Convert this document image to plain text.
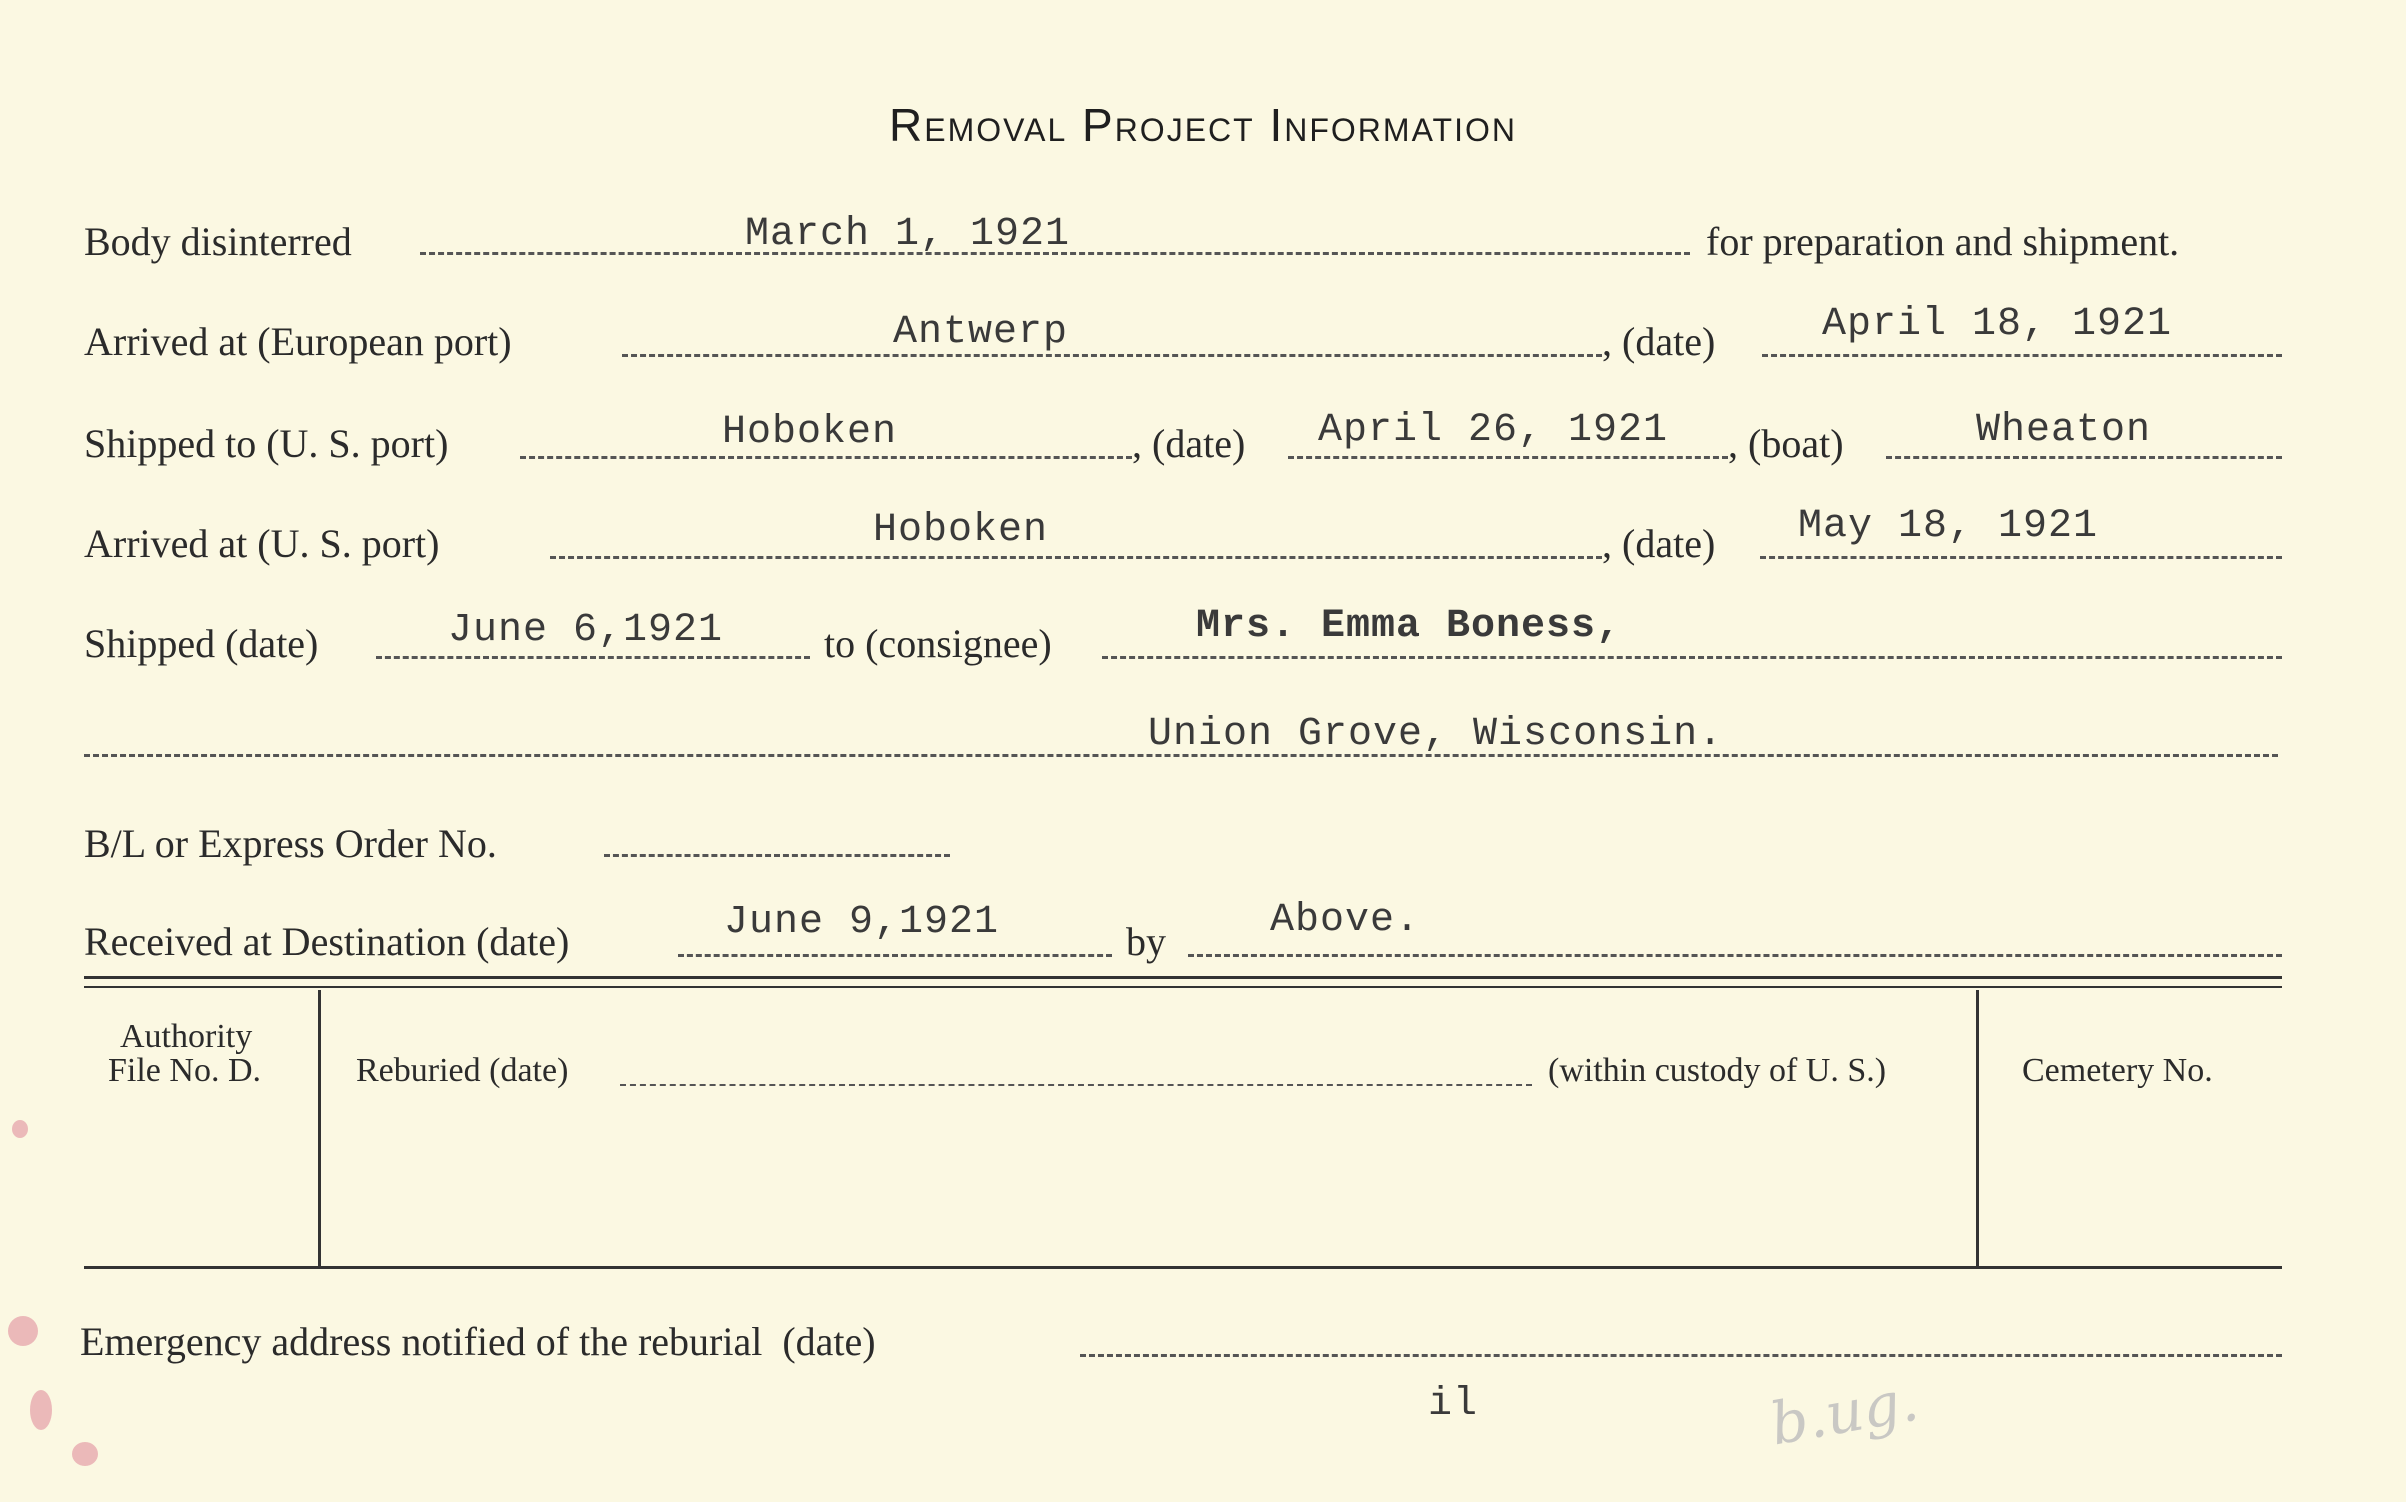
Removal Project Information
Body disinterred	March 1, 1921	for preparation and shipment.
Arrived at (European port)	Antwerp	, (date)	April 18, 1921
Shipped to (U. S. port)	Hoboken	, (date) April 26, 1921 , (boat)	Wheaton
Arrived at (U. S. port)	Hoboken	, (date) May 18, 1921
Shipped (date)	June 6,1921	to (consignee)	Mrs. Emma Boness,
Union Grove, Wisconsin.
B/L or Express Order No.
Received at Destination (date)	June 9,1921	by	Above.
Authority
File No. D.	Reburied (date)	(within custody of U. S.)	Cemetery No.
Emergency address notified of the reburial  (date)
il	b.ug.
